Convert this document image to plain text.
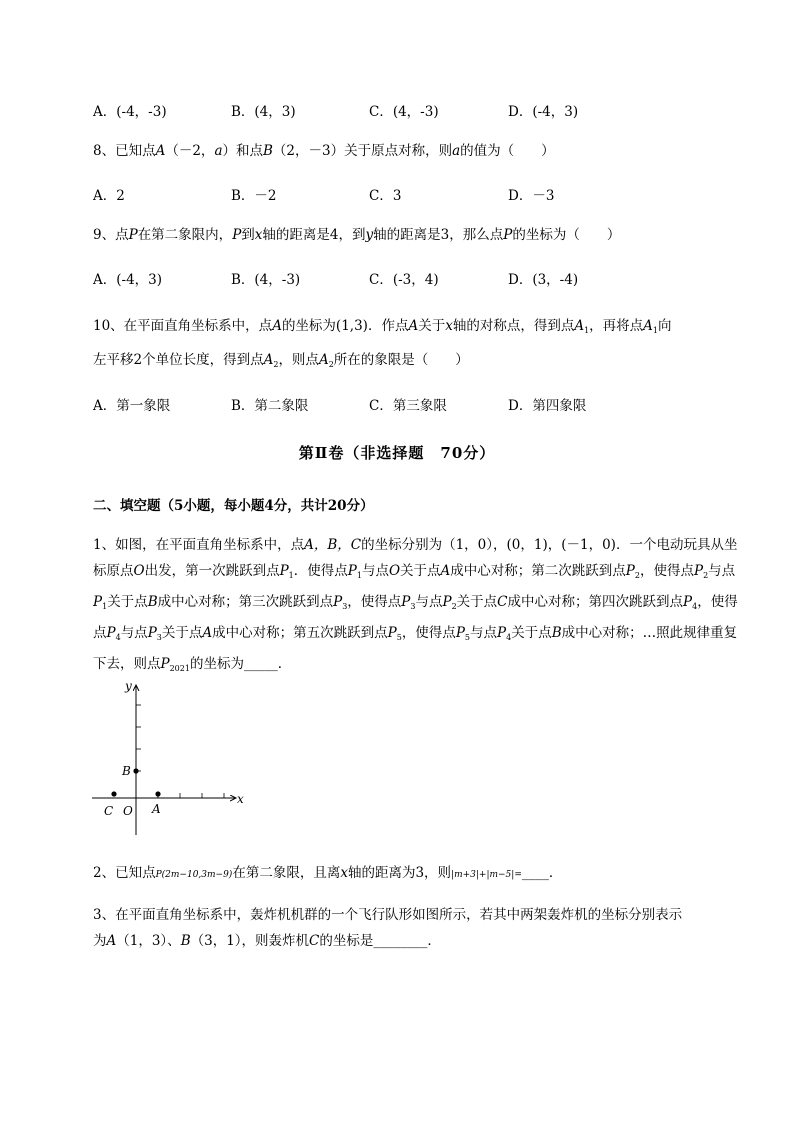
A．(-4，-3)	B．(4，3)	C．(4，-3)	D．(-4，3)
8、已知点A（－2，a）和点B（2，－3）关于原点对称，则a的值为（　　）
A．2	B．－2	C．3	D．－3
9、点P在第二象限内，P到x轴的距离是4，到y轴的距离是3，那么点P的坐标为（　　）
A．(-4，3)	B．(4，-3)	C．(-3，4)	D．(3，-4)
10、在平面直角坐标系中，点A的坐标为(1,3)．作点A关于x轴的对称点，得到点$A_1$，再将点$A_1$向
左平移2个单位长度，得到点$A_2$，则点$A_2$所在的象限是（　　）
A．第一象限	B．第二象限	C．第三象限	D．第四象限
第Ⅱ卷（非选择题　70分）
二、填空题（5小题，每小题4分，共计20分）
1、如图，在平面直角坐标系中，点A，B，C的坐标分别为（1，0），(0，1)，(－1，0)．一个电动玩具从坐标原点O出发，第一次跳跃到点$P_1$．使得点$P_1$与点O关于点A成中心对称；第二次跳跃到点$P_2$，使得点$P_2$与点$P_1$关于点B成中心对称；第三次跳跃到点$P_3$，使得点$P_3$与点$P_2$关于点C成中心对称；第四次跳跃到点$P_4$，使得点$P_4$与点$P_3$关于点A成中心对称；第五次跳跃到点$P_5$，使得点$P_5$与点$P_4$关于点B成中心对称；…照此规律重复下去，则点$P_{2021}$的坐标为_____．
y
x
B
C O A
2、已知点P(2m−10,3m−9)在第二象限，且离x轴的距离为3，则|m+3|+|m−5|=____．
3、在平面直角坐标系中，轰炸机机群的一个飞行队形如图所示，若其中两架轰炸机的坐标分别表示
为A（1，3）、B（3，1），则轰炸机C的坐标是________．
